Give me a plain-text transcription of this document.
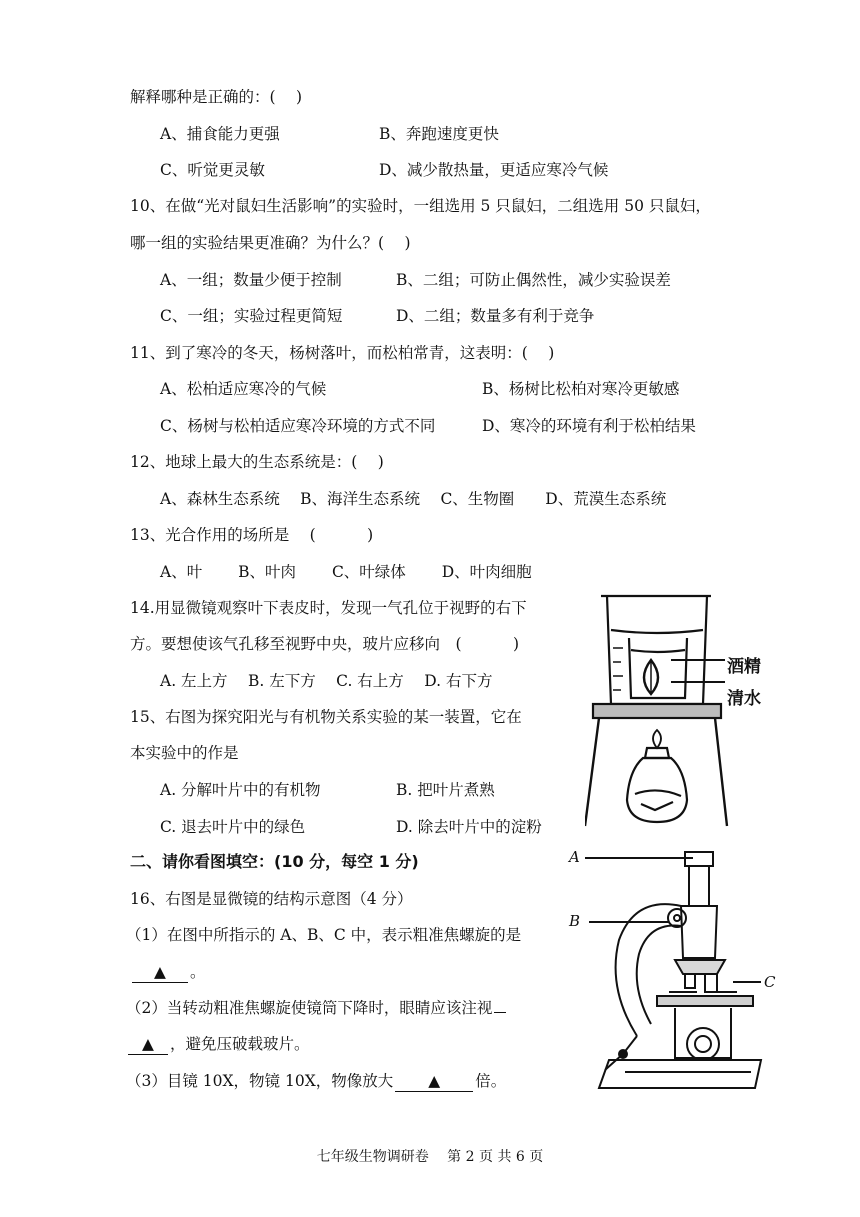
解释哪种是正确的：(　 )
A、捕食能力更强	B、奔跑速度更快
C、听觉更灵敏	D、减少散热量，更适应寒冷气候
10、在做“光对鼠妇生活影响”的实验时，一组选用 5 只鼠妇，二组选用 50 只鼠妇，
哪一组的实验结果更准确？为什么？(　 )
A、一组；数量少便于控制	B、二组；可防止偶然性，减少实验误差
C、一组；实验过程更简短	D、二组；数量多有利于竞争
11、到了寒冷的冬天，杨树落叶，而松柏常青，这表明：(　 )
A、松柏适应寒冷的气候	B、杨树比松柏对寒冷更敏感
C、杨树与松柏适应寒冷环境的方式不同	D、寒冷的环境有利于松柏结果
12、地球上最大的生态系统是：(　 )
A、森林生态系统　 B、海洋生态系统　 C、生物圈　　D、荒漠生态系统
13、光合作用的场所是　 (　　　 )
A、叶　　 B、叶肉　　 C、叶绿体　　 D、叶肉细胞
14.用显微镜观察叶下表皮时，发现一气孔位于视野的右下
方。要想使该气孔移至视野中央，玻片应移向　(　　　 )
A. 左上方　 B. 左下方　 C. 右上方　 D. 右下方
15、右图为探究阳光与有机物关系实验的某一装置，它在
本实验中的作是
A. 分解叶片中的有机物	B. 把叶片煮熟
C. 退去叶片中的绿色	D. 除去叶片中的淀粉
二、请你看图填空：(10 分，每空 1 分)
16、右图是显微镜的结构示意图（4 分）
（1）在图中所指示的 A、B、C 中，表示粗准焦螺旋的是
▲ 。
（2）当转动粗准焦螺旋使镜筒下降时，眼睛应该注视
▲ ，避免压破载玻片。
（3）目镜 10X，物镜 10X，物像放大 ▲ 倍。
七年级生物调研卷　 第 2 页 共 6 页
酒精
清水
A
B
C
